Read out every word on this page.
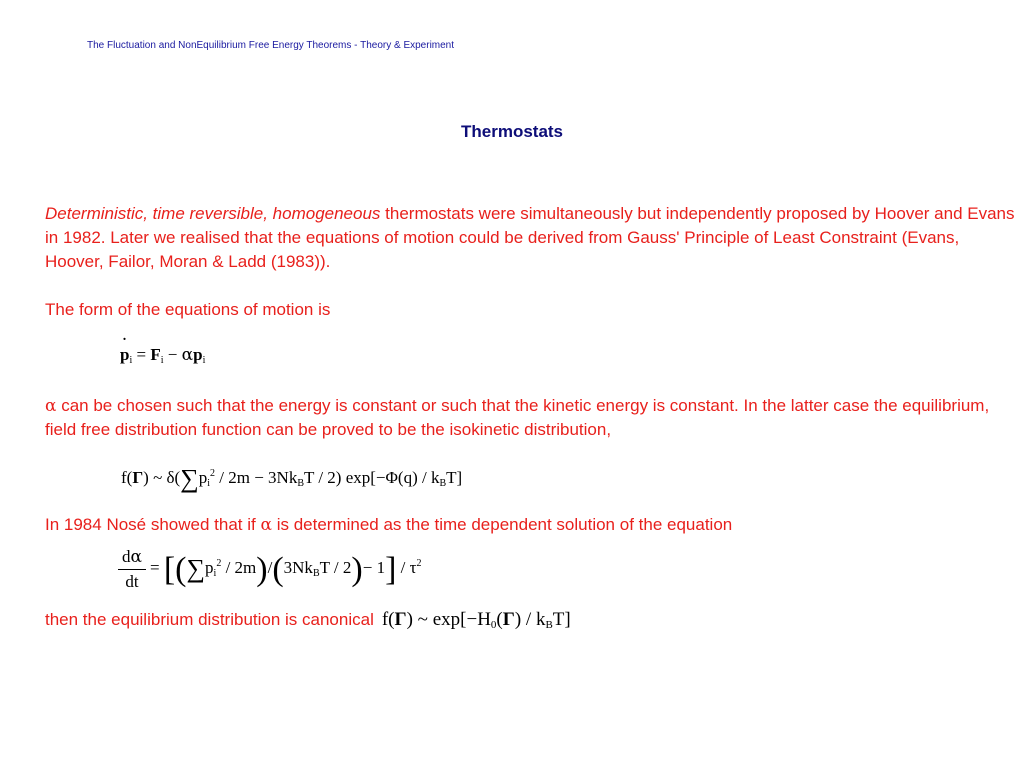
The Fluctuation and NonEquilibrium Free Energy Theorems - Theory & Experiment
Thermostats
Deterministic, time reversible, homogeneous thermostats were simultaneously but independently proposed by Hoover and Evans in 1982. Later we realised that the equations of motion could be derived from Gauss' Principle of Least Constraint (Evans, Hoover, Failor, Moran & Ladd (1983)).
The form of the equations of motion is
˙ $p_i = F_i - \alpha p_i$
α can be chosen such that the energy is constant or such that the kinetic energy is constant. In the latter case the equilibrium, field free distribution function can be proved to be the isokinetic distribution,
f(Γ) ~ $\delta(\sum p_i^2 / 2m - 3Nk_BT / 2)$ $\exp[-\Phi(q) / k_BT]$
In 1984 Nosé showed that if α is determined as the time dependent solution of the equation
$\frac{d\alpha}{dt} = [(\sum p_i^2 / 2m)/(3Nk_BT / 2)- 1] / \tau^2$
then the equilibrium distribution is canonical f(Γ) ~ $\exp[-H_0(\Gamma) / k_BT]$
